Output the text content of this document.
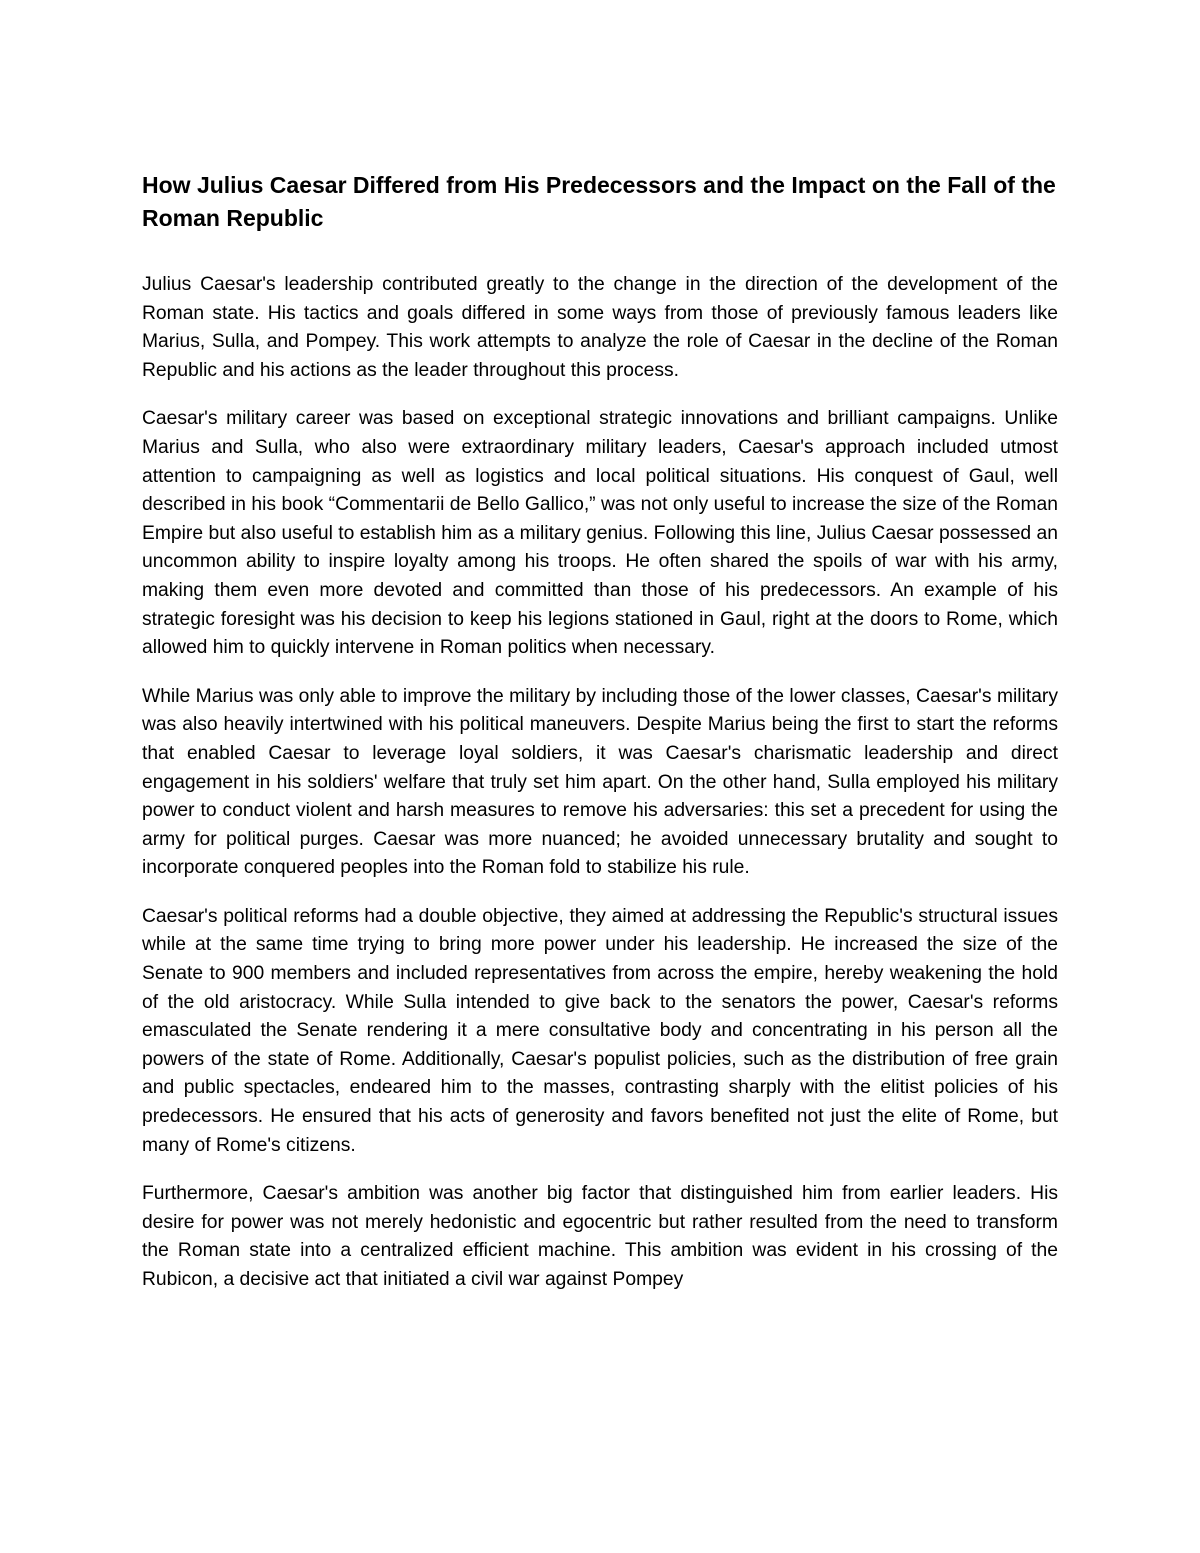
How Julius Caesar Differed from His Predecessors and the Impact on the Fall of the Roman Republic

Julius Caesar's leadership contributed greatly to the change in the direction of the development of the Roman state. His tactics and goals differed in some ways from those of previously famous leaders like Marius, Sulla, and Pompey. This work attempts to analyze the role of Caesar in the decline of the Roman Republic and his actions as the leader throughout this process.

Caesar's military career was based on exceptional strategic innovations and brilliant campaigns. Unlike Marius and Sulla, who also were extraordinary military leaders, Caesar's approach included utmost attention to campaigning as well as logistics and local political situations. His conquest of Gaul, well described in his book “Commentarii de Bello Gallico,” was not only useful to increase the size of the Roman Empire but also useful to establish him as a military genius. Following this line, Julius Caesar possessed an uncommon ability to inspire loyalty among his troops. He often shared the spoils of war with his army, making them even more devoted and committed than those of his predecessors. An example of his strategic foresight was his decision to keep his legions stationed in Gaul, right at the doors to Rome, which allowed him to quickly intervene in Roman politics when necessary.

While Marius was only able to improve the military by including those of the lower classes, Caesar's military was also heavily intertwined with his political maneuvers. Despite Marius being the first to start the reforms that enabled Caesar to leverage loyal soldiers, it was Caesar's charismatic leadership and direct engagement in his soldiers' welfare that truly set him apart. On the other hand, Sulla employed his military power to conduct violent and harsh measures to remove his adversaries: this set a precedent for using the army for political purges. Caesar was more nuanced; he avoided unnecessary brutality and sought to incorporate conquered peoples into the Roman fold to stabilize his rule.

Caesar's political reforms had a double objective, they aimed at addressing the Republic's structural issues while at the same time trying to bring more power under his leadership. He increased the size of the Senate to 900 members and included representatives from across the empire, hereby weakening the hold of the old aristocracy. While Sulla intended to give back to the senators the power, Caesar's reforms emasculated the Senate rendering it a mere consultative body and concentrating in his person all the powers of the state of Rome. Additionally, Caesar's populist policies, such as the distribution of free grain and public spectacles, endeared him to the masses, contrasting sharply with the elitist policies of his predecessors. He ensured that his acts of generosity and favors benefited not just the elite of Rome, but many of Rome's citizens.

Furthermore, Caesar's ambition was another big factor that distinguished him from earlier leaders. His desire for power was not merely hedonistic and egocentric but rather resulted from the need to transform the Roman state into a centralized efficient machine. This ambition was evident in his crossing of the Rubicon, a decisive act that initiated a civil war against Pompey
